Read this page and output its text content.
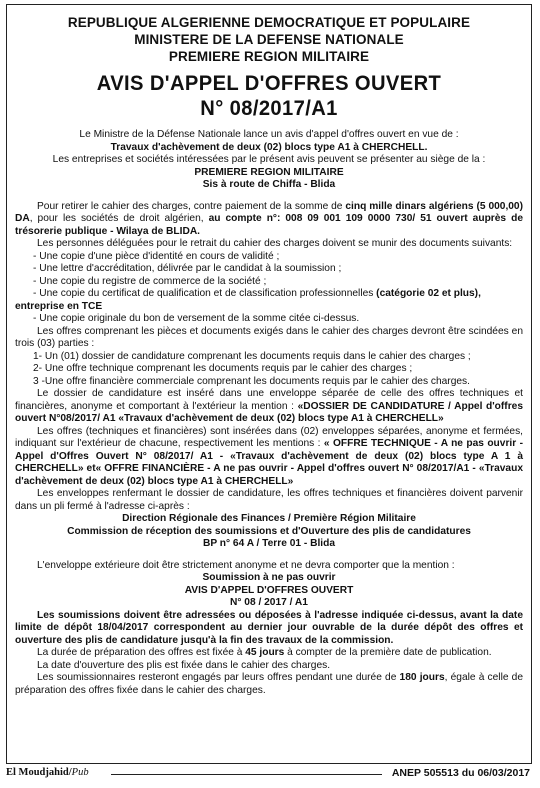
REPUBLIQUE ALGERIENNE DEMOCRATIQUE ET POPULAIRE
MINISTERE DE LA DEFENSE NATIONALE
PREMIERE REGION MILITAIRE
AVIS D'APPEL D'OFFRES OUVERT
N° 08/2017/A1
Le Ministre de la Défense Nationale lance un avis d'appel d'offres ouvert en vue de :
Travaux d'achèvement de deux (02) blocs type A1 à CHERCHELL.
Les entreprises et sociétés intéressées par le présent avis peuvent se présenter au siège de la :
PREMIERE REGION MILITAIRE
Sis à route de Chiffa - Blida

Pour retirer le cahier des charges, contre paiement de la somme de cinq mille dinars algériens (5 000,00) DA, pour les sociétés de droit algérien, au compte n°: 008 09 001 109 0000 730/ 51 ouvert auprès de trésorerie publique - Wilaya de BLIDA.

Les personnes déléguées pour le retrait du cahier des charges doivent se munir des documents suivants:

- Une copie d'une pièce d'identité en cours de validité ;
- Une lettre d'accréditation, délivrée par le candidat à la soumission ;
- Une copie du registre de commerce de la société ;
- Une copie du certificat de qualification et de classification professionnelles (catégorie 02 et plus), entreprise en TCE
- Une copie originale du bon de versement de la somme citée ci-dessus.

Les offres comprenant les pièces et documents exigés dans le cahier des charges devront être scindées en trois (03) parties :

1- Un (01) dossier de candidature comprenant les documents requis dans le cahier des charges ;
2- Une offre technique comprenant les documents requis par le cahier des charges ;
3 -Une offre financière commerciale comprenant les documents requis par le cahier des charges.

Le dossier de candidature est inséré dans une enveloppe séparée de celle des offres techniques et financières, anonyme et comportant à l'extérieur la mention : «DOSSIER DE CANDIDATURE / Appel d'offres ouvert N°08/2017/ A1 «Travaux d'achèvement de deux (02) blocs type A1 à CHERCHELL»

Les offres (techniques et financières) sont insérées dans (02) enveloppes séparées, anonyme et fermées, indiquant sur l'extérieur de chacune, respectivement les mentions : « OFFRE TECHNIQUE - A ne pas ouvrir - Appel d'Offres Ouvert N° 08/2017/ A1 - «Travaux d'achèvement de deux (02) blocs type A 1 à CHERCHELL» et« OFFRE FINANCIÈRE - A ne pas ouvrir - Appel d'offres ouvert N° 08/2017/A1 - «Travaux d'achèvement de deux (02) blocs type A1 à CHERCHELL»

Les enveloppes renfermant le dossier de candidature, les offres techniques et financières doivent parvenir dans un pli fermé à l'adresse ci-après :

Direction Régionale des Finances / Première Région Militaire
Commission de réception des soumissions et d'Ouverture des plis de candidatures
BP n° 64 A / Terre 01 - Blida

L'enveloppe extérieure doit être strictement anonyme et ne devra comporter que la mention :

Soumission à ne pas ouvrir
AVIS D'APPEL D'OFFRES OUVERT
N° 08 / 2017 / A1

Les soumissions doivent être adressées ou déposées à l'adresse indiquée ci-dessus, avant la date limite de dépôt 18/04/2017 correspondent au dernier jour ouvrable de la durée dépôt des offres et ouverture des plis de candidature jusqu'à la fin des travaux de la commission.

La durée de préparation des offres est fixée à 45 jours à compter de la première date de publication.

La date d'ouverture des plis est fixée dans le cahier des charges.

Les soumissionnaires resteront engagés par leurs offres pendant une durée de 180 jours, égale à celle de préparation des offres fixée dans le cahier des charges.

El Moudjahid/Pub	ANEP 505513 du 06/03/2017
